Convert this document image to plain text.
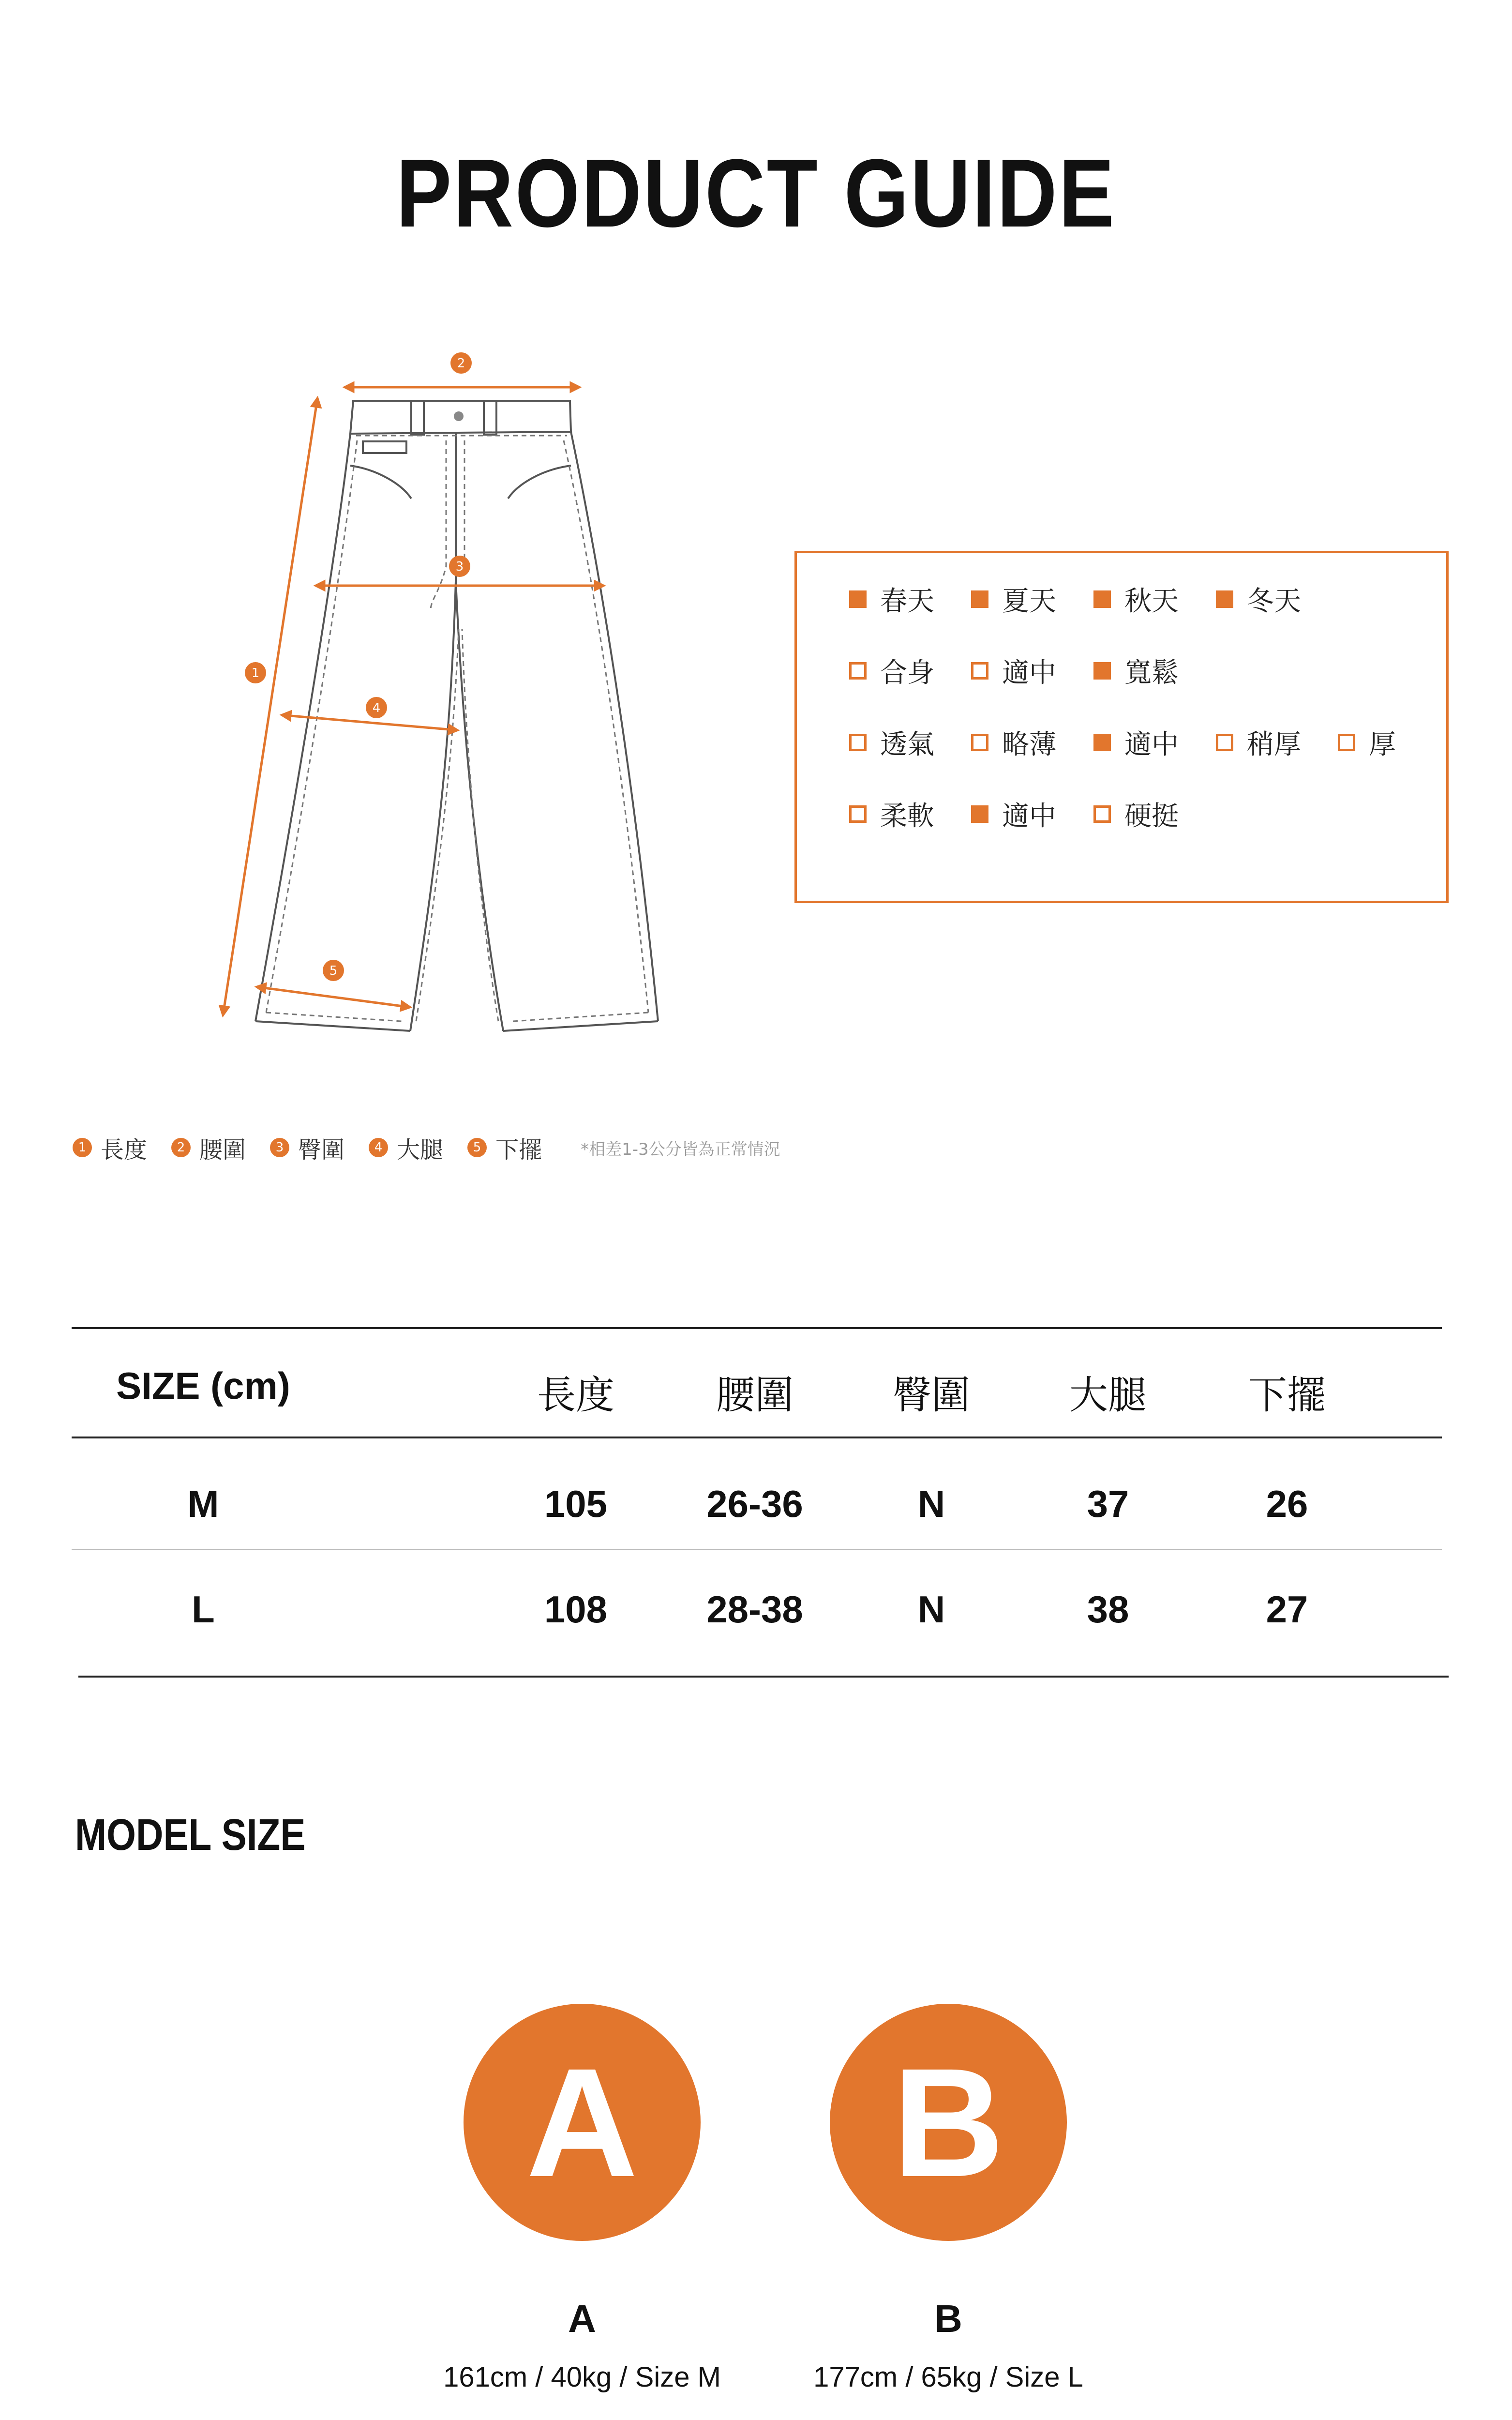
PRODUCT GUIDE
2
3
1
4
5
春天	夏天	秋天	冬天
合身	適中	寬鬆
透氣	略薄	適中	稍厚	厚
柔軟	適中	硬挺
1 長度	2 腰圍	3 臀圍	4 大腿	5 下擺 *相差1-3公分皆為正常情況
SIZE (cm)	長度	腰圍	臀圍	大腿	下擺
M	105	26-36	N	37	26
L	108	28-38	N	38	27
MODEL SIZE
A	B
A	B
161cm / 40kg / Size M	177cm / 65kg / Size L
